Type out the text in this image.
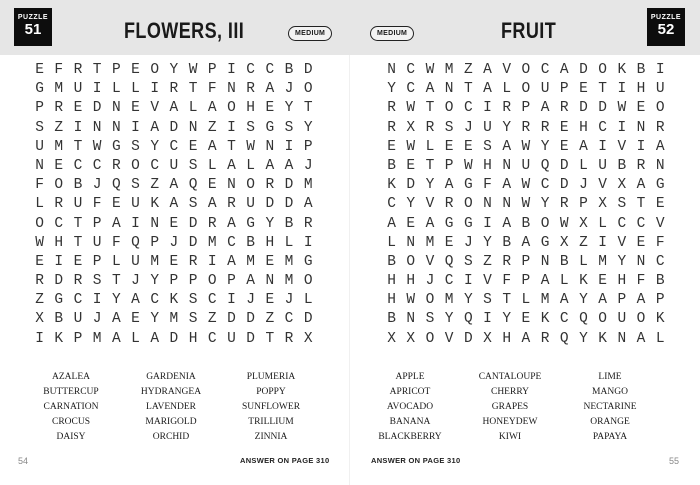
PUZZLE
51	FLOWERS, III	MEDIUM
E F R T P E O Y W P I C C B D
G M U I L L I R T F N R A J O
P R E D N E V A L A O H E Y T
S Z I N N I A D N Z I S G S Y
U M T W G S Y C E A T W N I P
N E C C R O C U S L A L A A J
F O B J Q S Z A Q E N O R D M
L R U F E U K A S A R U D D A
O C T P A I N E D R A G Y B R
W H T U F Q P J D M C B H L I
E I E P L U M E R I A M E M G
R D R S T J Y P P O P A N M O
Z G C I Y A C K S C I J E J L
X B U J A E Y M S Z D D Z C D
I K P M A L A D H C U D T R X
AZALEA	GARDENIA	PLUMERIA
BUTTERCUP	HYDRANGEA	POPPY
CARNATION	LAVENDER	SUNFLOWER
CROCUS	MARIGOLD	TRILLIUM
DAISY	ORCHID	ZINNIA
54	ANSWER ON PAGE 310
MEDIUM	FRUIT
PUZZLE
52
N C W M Z A V O C A D O K B I
Y C A N T A L O U P E T I H U
R W T O C I R P A R D D W E O
R X R S J U Y R R E H C I N R
E W L E E S A W Y E A I V I A
B E T P W H N U Q D L U B R N
K D Y A G F A W C D J V X A G
C Y V R O N N W Y R P X S T E
A E A G G I A B O W X L C C V
L N M E J Y B A G X Z I V E F
B O V Q S Z R P N B L M Y N C
H H J C I V F P A L K E H F B
H W O M Y S T L M A Y A P A P
B N S Y Q I Y E K C Q O U O K
X X O V D X H A R Q Y K N A L
APPLE	CANTALOUPE	LIME
APRICOT	CHERRY	MANGO
AVOCADO	GRAPES	NECTARINE
BANANA	HONEYDEW	ORANGE
BLACKBERRY	KIWI	PAPAYA
ANSWER ON PAGE 310	55
